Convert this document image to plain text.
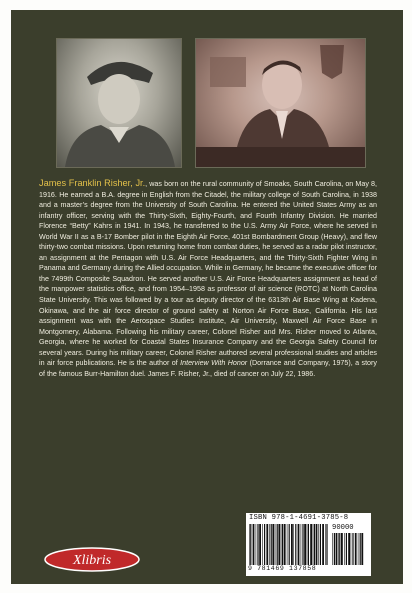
James Franklin Risher, Jr., was born on the rural community of Smoaks, South Carolina, on May 8, 1916. He earned a B.A. degree in English from the Citadel, the military college of South Carolina, in 1938 and a master’s degree from the University of South Carolina. He entered the United States Army as an infantry officer, serving with the Thirty-Sixth, Eighty-Fourth, and Fourth Infantry Division. He married Florence “Betty” Kahrs in 1941. In 1943, he transferred to the U.S. Army Air Force, where he served in World War II as a B-17 Bomber pilot in the Eighth Air Force, 401st Bombardment Group (Heavy), and flew thirty-two combat missions. Upon returning home from combat duties, he served as a radar pilot instructor, an assignment at the Pentagon with U.S. Air Force Headquarters, and the Thirty-Sixth Fighter Wing in Panama and Germany during the Allied occupation. While in Germany, he became the executive officer for the 7499th Composite Squadron. He served another U.S. Air Force Headquarters assignment as head of the manpower statistics office, and from 1954–1958 as professor of air science (ROTC) at North Carolina State University. This was followed by a tour as deputy director of the 6313th Air Base Wing at Kadena, Okinawa, and the air force director of ground safety at Norton Air Force Base, California. His last assignment was with the Aerospace Studies Institute, Air University, Maxwell Air Force Base in Montgomery, Alabama. Following his military career, Colonel Risher and Mrs. Risher moved to Atlanta, Georgia, where he worked for Coastal States Insurance Company and the Georgia Safety Council for several years. During his military career, Colonel Risher authored several professional studies and articles in air force publications. He is the author of Interview With Honor (Dorrance and Company, 1975), a story of the famous Burr-Hamilton duel. James F. Risher, Jr., died of cancer on July 22, 1986.
Xlibris
ISBN 978-1-4691-3785-8
90000
9 781469 137858
